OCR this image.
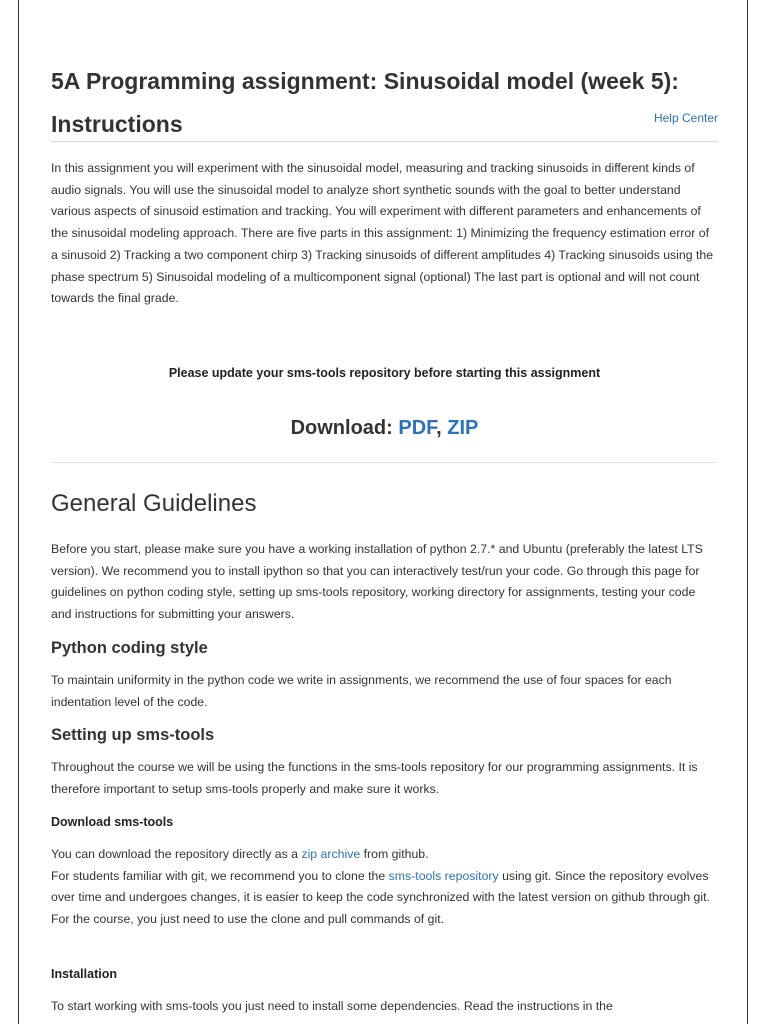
5A Programming assignment: Sinusoidal model (week 5):
Instructions	Help Center

In this assignment you will experiment with the sinusoidal model, measuring and tracking sinusoids in different kinds of audio signals. You will use the sinusoidal model to analyze short synthetic sounds with the goal to better understand various aspects of sinusoid estimation and tracking. You will experiment with different parameters and enhancements of the sinusoidal modeling approach. There are five parts in this assignment: 1) Minimizing the frequency estimation error of a sinusoid 2) Tracking a two component chirp 3) Tracking sinusoids of different amplitudes 4) Tracking sinusoids using the phase spectrum 5) Sinusoidal modeling of a multicomponent signal (optional) The last part is optional and will not count towards the final grade.

Please update your sms-tools repository before starting this assignment
Download: PDF, ZIP
General Guidelines

Before you start, please make sure you have a working installation of python 2.7.* and Ubuntu (preferably the latest LTS version). We recommend you to install ipython so that you can interactively test/run your code. Go through this page for guidelines on python coding style, setting up sms-tools repository, working directory for assignments, testing your code and instructions for submitting your answers.

Python coding style

To maintain uniformity in the python code we write in assignments, we recommend the use of four spaces for each indentation level of the code.

Setting up sms-tools

Throughout the course we will be using the functions in the sms-tools repository for our programming assignments. It is therefore important to setup sms-tools properly and make sure it works.

Download sms-tools

You can download the repository directly as a zip archive from github.
For students familiar with git, we recommend you to clone the sms-tools repository using git. Since the repository evolves over time and undergoes changes, it is easier to keep the code synchronized with the latest version on github through git. For the course, you just need to use the clone and pull commands of git.

Installation

To start working with sms-tools you just need to install some dependencies. Read the instructions in the
